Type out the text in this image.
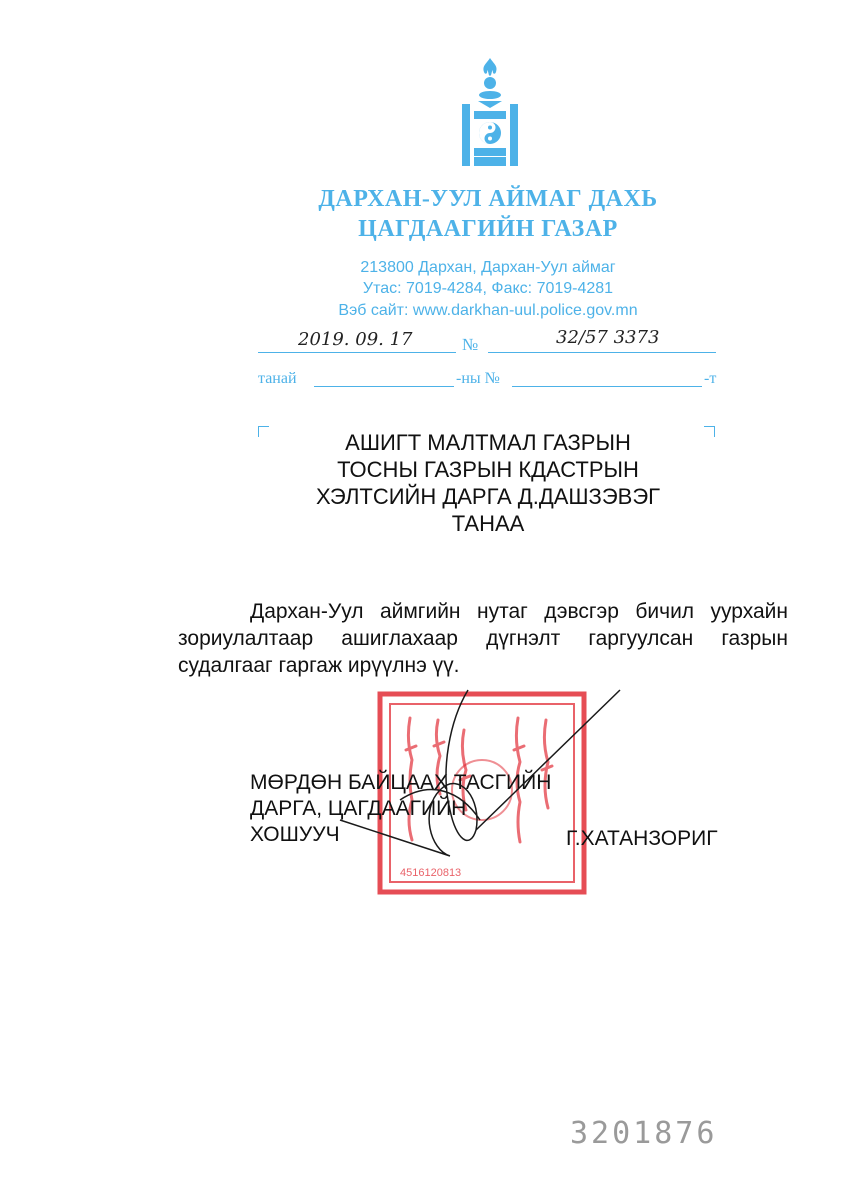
ДАРХАН-УУЛ АЙМАГ ДАХЬ
ЦАГДААГИЙН ГАЗАР
213800 Дархан, Дархан-Уул аймаг
Утас: 7019-4284, Факс: 7019-4281
Вэб сайт: www.darkhan-uul.police.gov.mn
2019. 09. 17	№	32/57 3373
танай	-ны №	-т
АШИГТ МАЛТМАЛ ГАЗРЫН
ТОСНЫ ГАЗРЫН КДАСТРЫН
ХЭЛТСИЙН ДАРГА Д.ДАШЗЭВЭГ
ТАНАА
Дархан-Уул аймгийн нутаг дэвсгэр бичил уурхайн зориулалтаар ашиглахаар дүгнэлт гаргуулсан газрын судалгааг гаргаж ирүүлнэ үү.
4516120813
МӨРДӨН БАЙЦААХ ТАСГИЙН
ДАРГА, ЦАГДААГИЙН
ХОШУУЧ	Г.ХАТАНЗОРИГ
3201876
